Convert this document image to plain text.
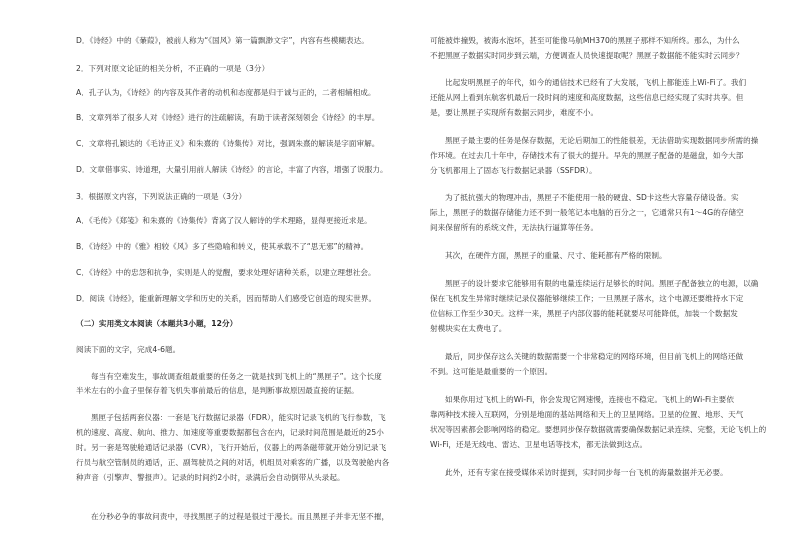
D．《诗经》中的《蒹葭》，被前人称为“《国风》第一篇飘渺文字”，内容有些模糊表达。
2．下列对原文论证的相关分析，不正确的一项是（3分）
A．孔子认为，《诗经》的内容及其作者的动机和态度都是归于诚与正的，二者相辅相成。
B．文章列举了很多人对《诗经》进行的注疏解读，有助于读者深刻领会《诗经》的丰厚。
C．文章将孔颖达的《毛诗正义》和朱熹的《诗集传》对比，强调朱熹的解读是字面审解。
D．文章借事实、诗道理，大量引用前人解读《诗经》的言论，丰富了内容，增强了说服力。
3．根据原文内容，下列说法正确的一项是（3分）
A．《毛传》《郑笺》和朱熹的《诗集传》背离了汉人解诗的学术理路，显得更接近求是。
B．《诗经》中的《雅》相较《风》多了些隐喻和转义，使其承载不了“思无邪”的精神。
C．《诗经》中的忠怨和抗争，实则是人的觉醒，要求处理好诸种关系，以建立理想社会。
D．阅读《诗经》，能重新理解文学和历史的关系，因而帮助人们感受它创造的现实世界。
（二）实用类文本阅读（本题共3小题，12分）
阅读下面的文字，完成4-6题。
每当有空难发生，事故调查组最重要的任务之一就是找到飞机上的“黑匣子”。这个长度
半米左右的小盒子里保存着飞机失事前最后的信息，是判断事故原因最直接的证据。
黑匣子包括两套仪器：一套是飞行数据记录器（FDR），能实时记录飞机的飞行参数，飞
机的速度、高度、航向、推力、加速度等重要数据都包含在内，记录时间范围是最近的25小
时。另一套是驾驶舱通话记录器（CVR），飞行开始后，仪器上的两条磁带就开始分别记录飞
行员与航空管制员的通话，正、副驾驶员之间的对话，机组员对乘客的广播，以及驾驶舱内各
种声音（引擎声、警报声）。记录的时间约2小时，录满后会自动倒带从头录起。
在分秒必争的事故问责中，寻找黑匣子的过程是很过于漫长。而且黑匣子并非无坚不摧，
可能被炸撞毁，被海水泡坏，甚至可能像马航MH370的黑匣子那样不知所终。那么，为什么
不把黑匣子数据实时同步到云端，方便调查人员快速提取呢？黑匣子数据能不能实时云同步？
比起发明黑匣子的年代，如今的通信技术已经有了大发展，飞机上都能连上Wi-Fi了。我们
还能从网上看到东航客机最后一段时间的速度和高度数据，这些信息已经实现了实时共享。但
是，要让黑匣子实现所有数据云同步，难度不小。
黑匣子最主要的任务是保存数据，无论后期加工的性能很差，无法借助实现数据同步所需的操
作环境。在过去几十年中，存储技术有了很大的提升。早先的黑匣子配备的是磁盘，如今大部
分飞机都用上了固态飞行数据记录器（SSFDR）。
为了抵抗强大的物理冲击，黑匣子不能使用一般的硬盘、SD卡这些大容量存储设备。实
际上，黑匣子的数据存储能力还不到一般笔记本电脑的百分之一，它通常只有1～4G的存储空
间来保留所有的系统文件，无法执行逼算等任务。
其次，在硬件方面，黑匣子的重量、尺寸、能耗都有严格的限制。
黑匣子的设计要求它能够用有限的电量连续运行足够长的时间。黑匣子配备独立的电源，以确
保在飞机发生异常时继续记录仪器能够继续工作；一旦黑匣子落水，这个电源还要维持水下定
位信标工作至少30天。这样一来，黑匣子内部仪器的能耗就要尽可能降低，加装一个数据发
射模块实在太费电了。
最后，同步保存这么关键的数据需要一个非常稳定的网络环境，但目前飞机上的网络还做
不到。这可能是最重要的一个原因。
如果你用过飞机上的Wi-Fi，你会发现它网速慢，连接也不稳定。飞机上的Wi-Fi主要依
靠两种技术接入互联网，分别是地面的基站网络和天上的卫星网络。卫星的位置、地形、天气
状况等因素都会影响网络的稳定。要想同步保存数据就需要确保数据记录连续、完整，无论飞机上的
Wi-Fi，还是无线电、雷达、卫星电话等技术，都无法做到这点。
此外，还有专家在接受媒体采访时提到，实时同步每一台飞机的海量数据并无必要。
